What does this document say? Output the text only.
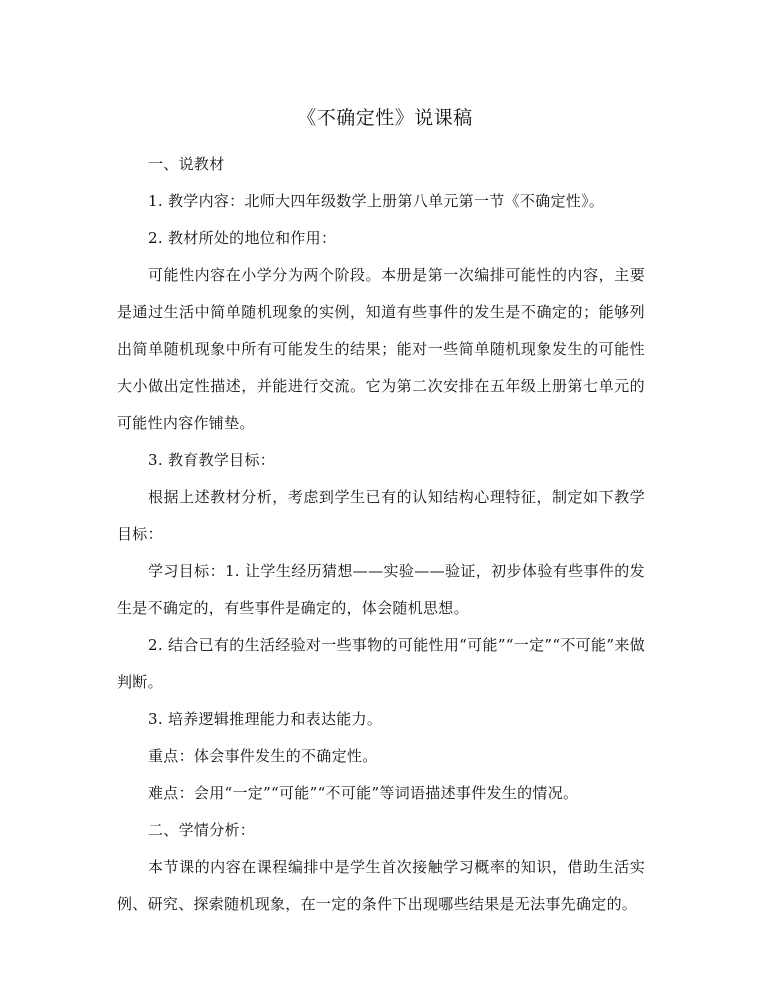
《不确定性》说课稿

一、说教材

1. 教学内容：北师大四年级数学上册第八单元第一节《不确定性》。

2. 教材所处的地位和作用：

可能性内容在小学分为两个阶段。本册是第一次编排可能性的内容，主要是通过生活中简单随机现象的实例，知道有些事件的发生是不确定的；能够列出简单随机现象中所有可能发生的结果；能对一些简单随机现象发生的可能性大小做出定性描述，并能进行交流。它为第二次安排在五年级上册第七单元的可能性内容作铺垫。

3. 教育教学目标：

根据上述教材分析，考虑到学生已有的认知结构心理特征，制定如下教学目标：

学习目标：1. 让学生经历猜想——实验——验证，初步体验有些事件的发生是不确定的，有些事件是确定的，体会随机思想。

2. 结合已有的生活经验对一些事物的可能性用“可能”“一定”“不可能”来做判断。

3. 培养逻辑推理能力和表达能力。

重点：体会事件发生的不确定性。

难点：会用“一定”“可能”“不可能”等词语描述事件发生的情况。

二、学情分析：

本节课的内容在课程编排中是学生首次接触学习概率的知识，借助生活实例、研究、探索随机现象，在一定的条件下出现哪些结果是无法事先确定的。
